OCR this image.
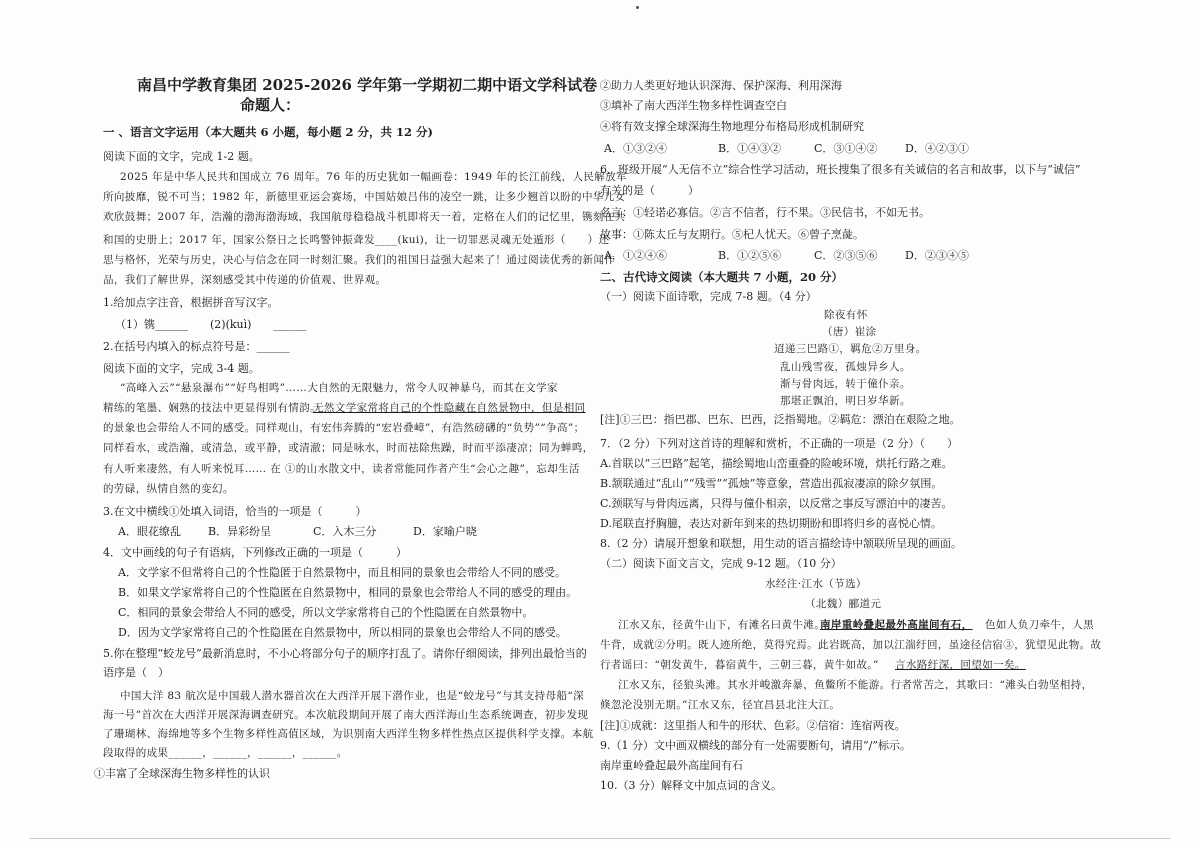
南昌中学教育集团 2025-2026 学年第一学期初二期中语文学科试卷
命题人：
一 、语言文字运用（本大题共 6 小题，每小题 2 分，共 12 分)
阅读下面的文字，完成 1-2 题。
2025 年是中华人民共和国成立 76 周年。76 年的历史犹如一幅画卷：1949 年的长江前线，人民解放军
所向披靡，锐不可当；1982 年，新德里亚运会赛场，中国姑娘吕伟的凌空一跳，让多少翘首以盼的中华儿女
欢欣鼓舞；2007 年，浩瀚的渤海渤海域，我国航母稳稳战斗机即将天一着，定格在人们的记忆里，镌刻在共
和国的史册上；2017 年，国家公祭日之长鸣警钟振聋发____(kui)，让一切罪恶灵魂无处遁形（　　）还
思与格怀，光荣与历史，决心与信念在同一时刻汇聚。我们的祖国日益强大起来了！通过阅读优秀的新闻作
品，我们了解世界，深刻感受其中传递的价值观、世界观。
1.给加点字注音，根据拼音写汉字。
（1）镌______　　(2)(kuì)　　______
2.在括号内填入的标点符号是：______
阅读下面的文字，完成 3-4 题。
“高峰入云”“悬泉瀑布”“好鸟相鸣”……大自然的无限魅力，常令人叹神暴乌，而其在文学家
精练的笔墨、娴熟的技法中更显得别有情韵。
无然文学家常将自己的个性隐藏在自然景物中，但是相同
的景象也会带给人不同的感受。同样观山，有宏伟奔腾的“宏岩叠嶂”，有浩然磅礴的“负势”“争高”；
同样看水，或浩瀚，或清急，或平静，或清澈；同是咏水，时而祛除焦躁，时而平添凄凉；同为蝉鸣，
有人听来凄然，有人听来悦耳…… 在 ①的山水散文中，读者常能同作者产生“会心之趣”，忘却生活
的劳碌，纵情自然的变幻。
3.在文中横线①处填入词语，恰当的一项是（　　　）
A．眼花缭乱 B．异彩纷呈	C．入木三分	D．家喻户晓
4．文中画线的句子有语病，下列修改正确的一项是（　　　）
A．文学家不但常将自己的个性隐匿于自然景物中，而且相同的景象也会带给人不同的感受。
B．如果文学家常将自己的个性隐匿在自然景物中，相同的景象也会带给人不同的感受的理由。
C．相同的景象会带给人不同的感受，所以文学家常将自己的个性隐匿在自然景物中。
D．因为文学家常将自己的个性隐匿在自然景物中，所以相同的景象也会带给人不同的感受。
5.你在整理“蛟龙号”最新消息时，不小心将部分句子的顺序打乱了。请你仔细阅读，排列出最恰当的
语序是（　）
中国大洋 83 航次是中国载人潜水器首次在大西洋开展下潜作业，也是“蛟龙号”与其支持母船“深
海一号”首次在大西洋开展深海调查研究。本次航段期间开展了南大西洋海山生态系统调查，初步发现
了珊瑚林、海绵地等多个生物多样性高值区域，为识别南大西洋生物多样性热点区提供科学支撑。本航
段取得的成果______，______，______，______。
①丰富了全球深海生物多样性的认识
②助力人类更好地认识深海、保护深海、利用深海
③填补了南大西洋生物多样性调查空白
④将有效支撑全球深海生物地理分布格局形成机制研究
A．①③②④	B．①④③②	C．③①④②	D．④②③①
6．班级开展“人无信不立”综合性学习活动，班长搜集了很多有关诚信的名言和故事，以下与“诚信”
有关的是（　　　）
名言：①轻诺必寡信。②言不信者，行不果。③民信书，不如无书。
故事：①陈太丘与友期行。⑤杞人忧天。⑥曾子烹彘。
A．①②④⑥	B．①②⑤⑥	C．②③⑤⑥	D．②③④⑤
二、古代诗文阅读（本大题共 7 小题，20 分）
（一）阅读下面诗歌，完成 7-8 题。（4 分）
除夜有怀
（唐）崔涂
迢递三巴路①，羁危②万里身。
乱山残雪夜，孤烛异乡人。
渐与骨肉远，转于僮仆亲。
那堪正飘泊，明日岁华新。
[注]①三巴：指巴郡、巴东、巴西，泛指蜀地。②羁危：漂泊在艰险之地。
7．（2 分）下列对这首诗的理解和赏析，不正确的一项是（2 分）（　　）
A.首联以“三巴路”起笔，描绘蜀地山峦重叠的险峻环境，烘托行路之难。
B.颔联通过“乱山”“残雪”“孤烛”等意象，营造出孤寂凄凉的除夕氛围。
C.颈联写与骨肉远离，只得与僮仆相亲，以反常之事反写漂泊中的凄苦。
D.尾联直抒胸臆，表达对新年到来的热切期盼和即将归乡的喜悦心情。
8.（2 分）请展开想象和联想，用生动的语言描绘诗中颔联所呈现的画面。
（二）阅读下面文言文，完成 9-12 题。（10 分）
水经注·江水（节选）
（北魏）郦道元
江水又东，径黄牛山下，有滩名曰黄牛滩。
南岸重岭叠起最外高崖间有石， 色如人负刀牵牛，人黑
牛背，成就②分明。既人迹所绝，莫得究焉。此岩既高，加以江湍纡回，虽途径信宿③，犹望见此物。故
行者谣曰：“朝发黄牛，暮宿黄牛，三朝三暮，黄牛如故。” 言水路纡深，回望如一矣。
江水又东，径狼头滩。其水并峻激奔暴，鱼鳖所不能游。行者常苦之，其歌曰：“滩头白勃坚相持，
倏忽沦没别无期。”江水又东，径宜昌县北注大江。
[注]①成就：这里指人和牛的形状、色彩。②信宿：连宿两夜。
9.（1 分）文中画双横线的部分有一处需要断句，请用“/”标示。
南岸重岭叠起最外高崖间有石
10.（3 分）解释文中加点词的含义。
